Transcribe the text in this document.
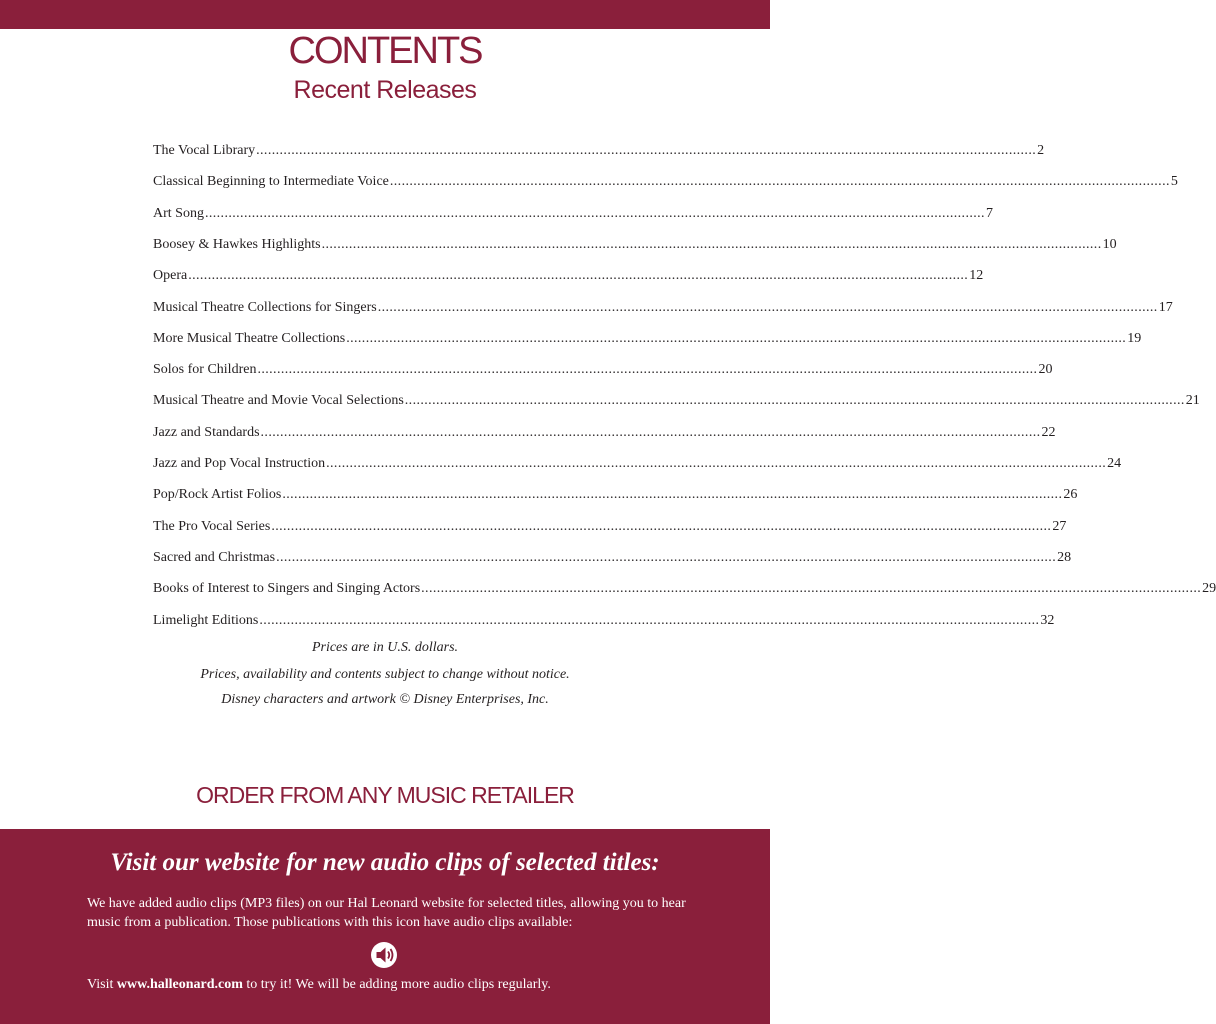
CONTENTS
Recent Releases
The Vocal Library ........................................................................................................................................................................................................ 2
Classical Beginning to Intermediate Voice ........................................................................................................................................................................................................ 5
Art Song ........................................................................................................................................................................................................ 7
Boosey & Hawkes Highlights ........................................................................................................................................................................................................ 10
Opera ........................................................................................................................................................................................................ 12
Musical Theatre Collections for Singers ........................................................................................................................................................................................................ 17
More Musical Theatre Collections ........................................................................................................................................................................................................ 19
Solos for Children ........................................................................................................................................................................................................ 20
Musical Theatre and Movie Vocal Selections ........................................................................................................................................................................................................ 21
Jazz and Standards ........................................................................................................................................................................................................ 22
Jazz and Pop Vocal Instruction ........................................................................................................................................................................................................ 24
Pop/Rock Artist Folios ........................................................................................................................................................................................................ 26
The Pro Vocal Series ........................................................................................................................................................................................................ 27
Sacred and Christmas ........................................................................................................................................................................................................ 28
Books of Interest to Singers and Singing Actors ........................................................................................................................................................................................................ 29
Limelight Editions ........................................................................................................................................................................................................ 32
Prices are in U.S. dollars.
Prices, availability and contents subject to change without notice.
Disney characters and artwork © Disney Enterprises, Inc.
ORDER FROM ANY MUSIC RETAILER
Visit our website for new audio clips of selected titles:
We have added audio clips (MP3 files) on our Hal Leonard website for selected titles, allowing you to hear music from a publication. Those publications with this icon have audio clips available:
Visit www.halleonard.com to try it! We will be adding more audio clips regularly.
